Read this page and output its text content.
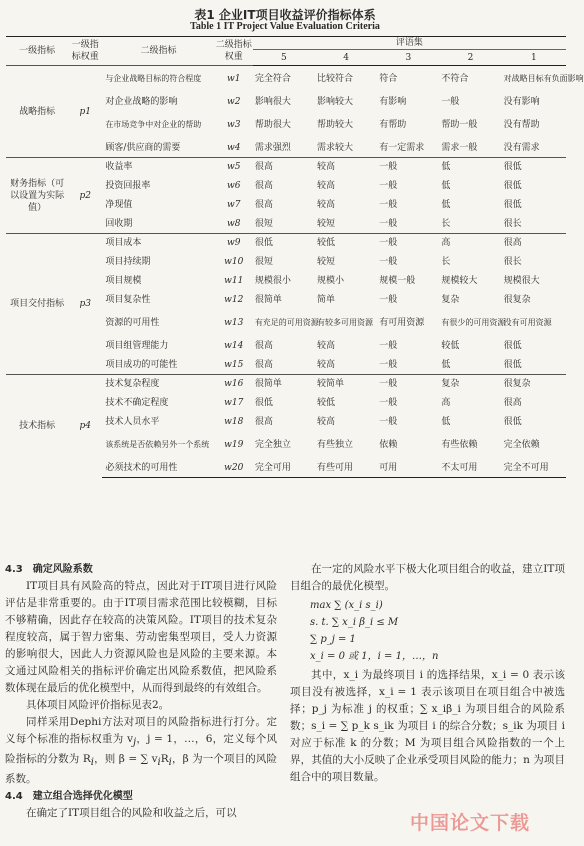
表1 企业IT项目收益评价指标体系
Table 1 IT Project Value Evaluation Criteria
一级指标	一级指标权重	二级指标	二级指标权重	评语集				
				5	4	3	2	1
战略指标	p1	与企业战略目标的符合程度	w1	完全符合	比较符合	符合	不符合	对战略目标有负面影响
		对企业战略的影响	w2	影响很大	影响较大	有影响	一般	没有影响
		在市场竞争中对企业的帮助	w3	帮助很大	帮助较大	有帮助	帮助一般	没有帮助
		顾客/供应商的需要	w4	需求强烈	需求较大	有一定需求	需求一般	没有需求
财务指标（可以设置为实际值）	p2	收益率	w5	很高	较高	一般	低	很低
		投资回报率	w6	很高	较高	一般	低	很低
		净现值	w7	很高	较高	一般	低	很低
		回收期	w8	很短	较短	一般	长	很长
项目交付指标	p3	项目成本	w9	很低	较低	一般	高	很高
		项目持续期	w10	很短	较短	一般	长	很长
		项目规模	w11	规模很小	规模小	规模一般	规模较大	规模很大
		项目复杂性	w12	很简单	简单	一般	复杂	很复杂
		资源的可用性	w13	有充足的可用资源	有较多可用资源	有可用资源	有很少的可用资源	没有可用资源
		项目组管理能力	w14	很高	较高	一般	较低	很低
		项目成功的可能性	w15	很高	较高	一般	低	很低
技术指标	p4	技术复杂程度	w16	很简单	较简单	一般	复杂	很复杂
		技术不确定程度	w17	很低	较低	一般	高	很高
		技术人员水平	w18	很高	较高	一般	低	很低
		该系统是否依赖另外一个系统	w19	完全独立	有些独立	依赖	有些依赖	完全依赖
		必须技术的可用性	w20	完全可用	有些可用	可用	不太可用	完全不可用
4.3　确定风险系数
IT项目具有风险高的特点，因此对于IT项目进行风险评估是非常重要的。由于IT项目需求范围比较模糊，目标不够精确，因此存在较高的决策风险。IT项目的技术复杂程度较高，属于智力密集、劳动密集型项目，受人力资源的影响很大，因此人力资源风险也是风险的主要来源。本文通过风险相关的指标评价确定出风险系数值，把风险系数体现在最后的优化模型中，从而得到最终的有效组合。
具体项目风险评价指标见表2。
同样采用Dephi方法对项目的风险指标进行打分。定义每个标准的指标权重为 $v_j$，j = 1，…，6，定义每个风险指标的分数为 $R_i$，则 β = ∑ $v_iR_i$，β 为一个项目的风险系数。
4.4　建立组合选择优化模型
在确定了IT项目组合的风险和收益之后，可以
在一定的风险水平下极大化项目组合的收益，建立IT项目组合的最优化模型。
max ∑ (x_i s_i)
s. t. ∑ x_i β_i ≤ M
∑ p_j = 1
x_i = 0 或 1，i = 1，…，n
其中，x_i 为最终项目 i 的选择结果，x_i = 0 表示该项目没有被选择，x_i = 1 表示该项目在项目组合中被选择；p_j 为标准 j 的权重；∑ x_iβ_i 为项目组合的风险系数；s_i = ∑ p_k s_ik 为项目 i 的综合分数；s_ik 为项目 i 对应于标准 k 的分数；M 为项目组合风险指数的一个上界，其值的大小反映了企业承受项目风险的能力；n 为项目组合中的项目数量。
中国论文下载
